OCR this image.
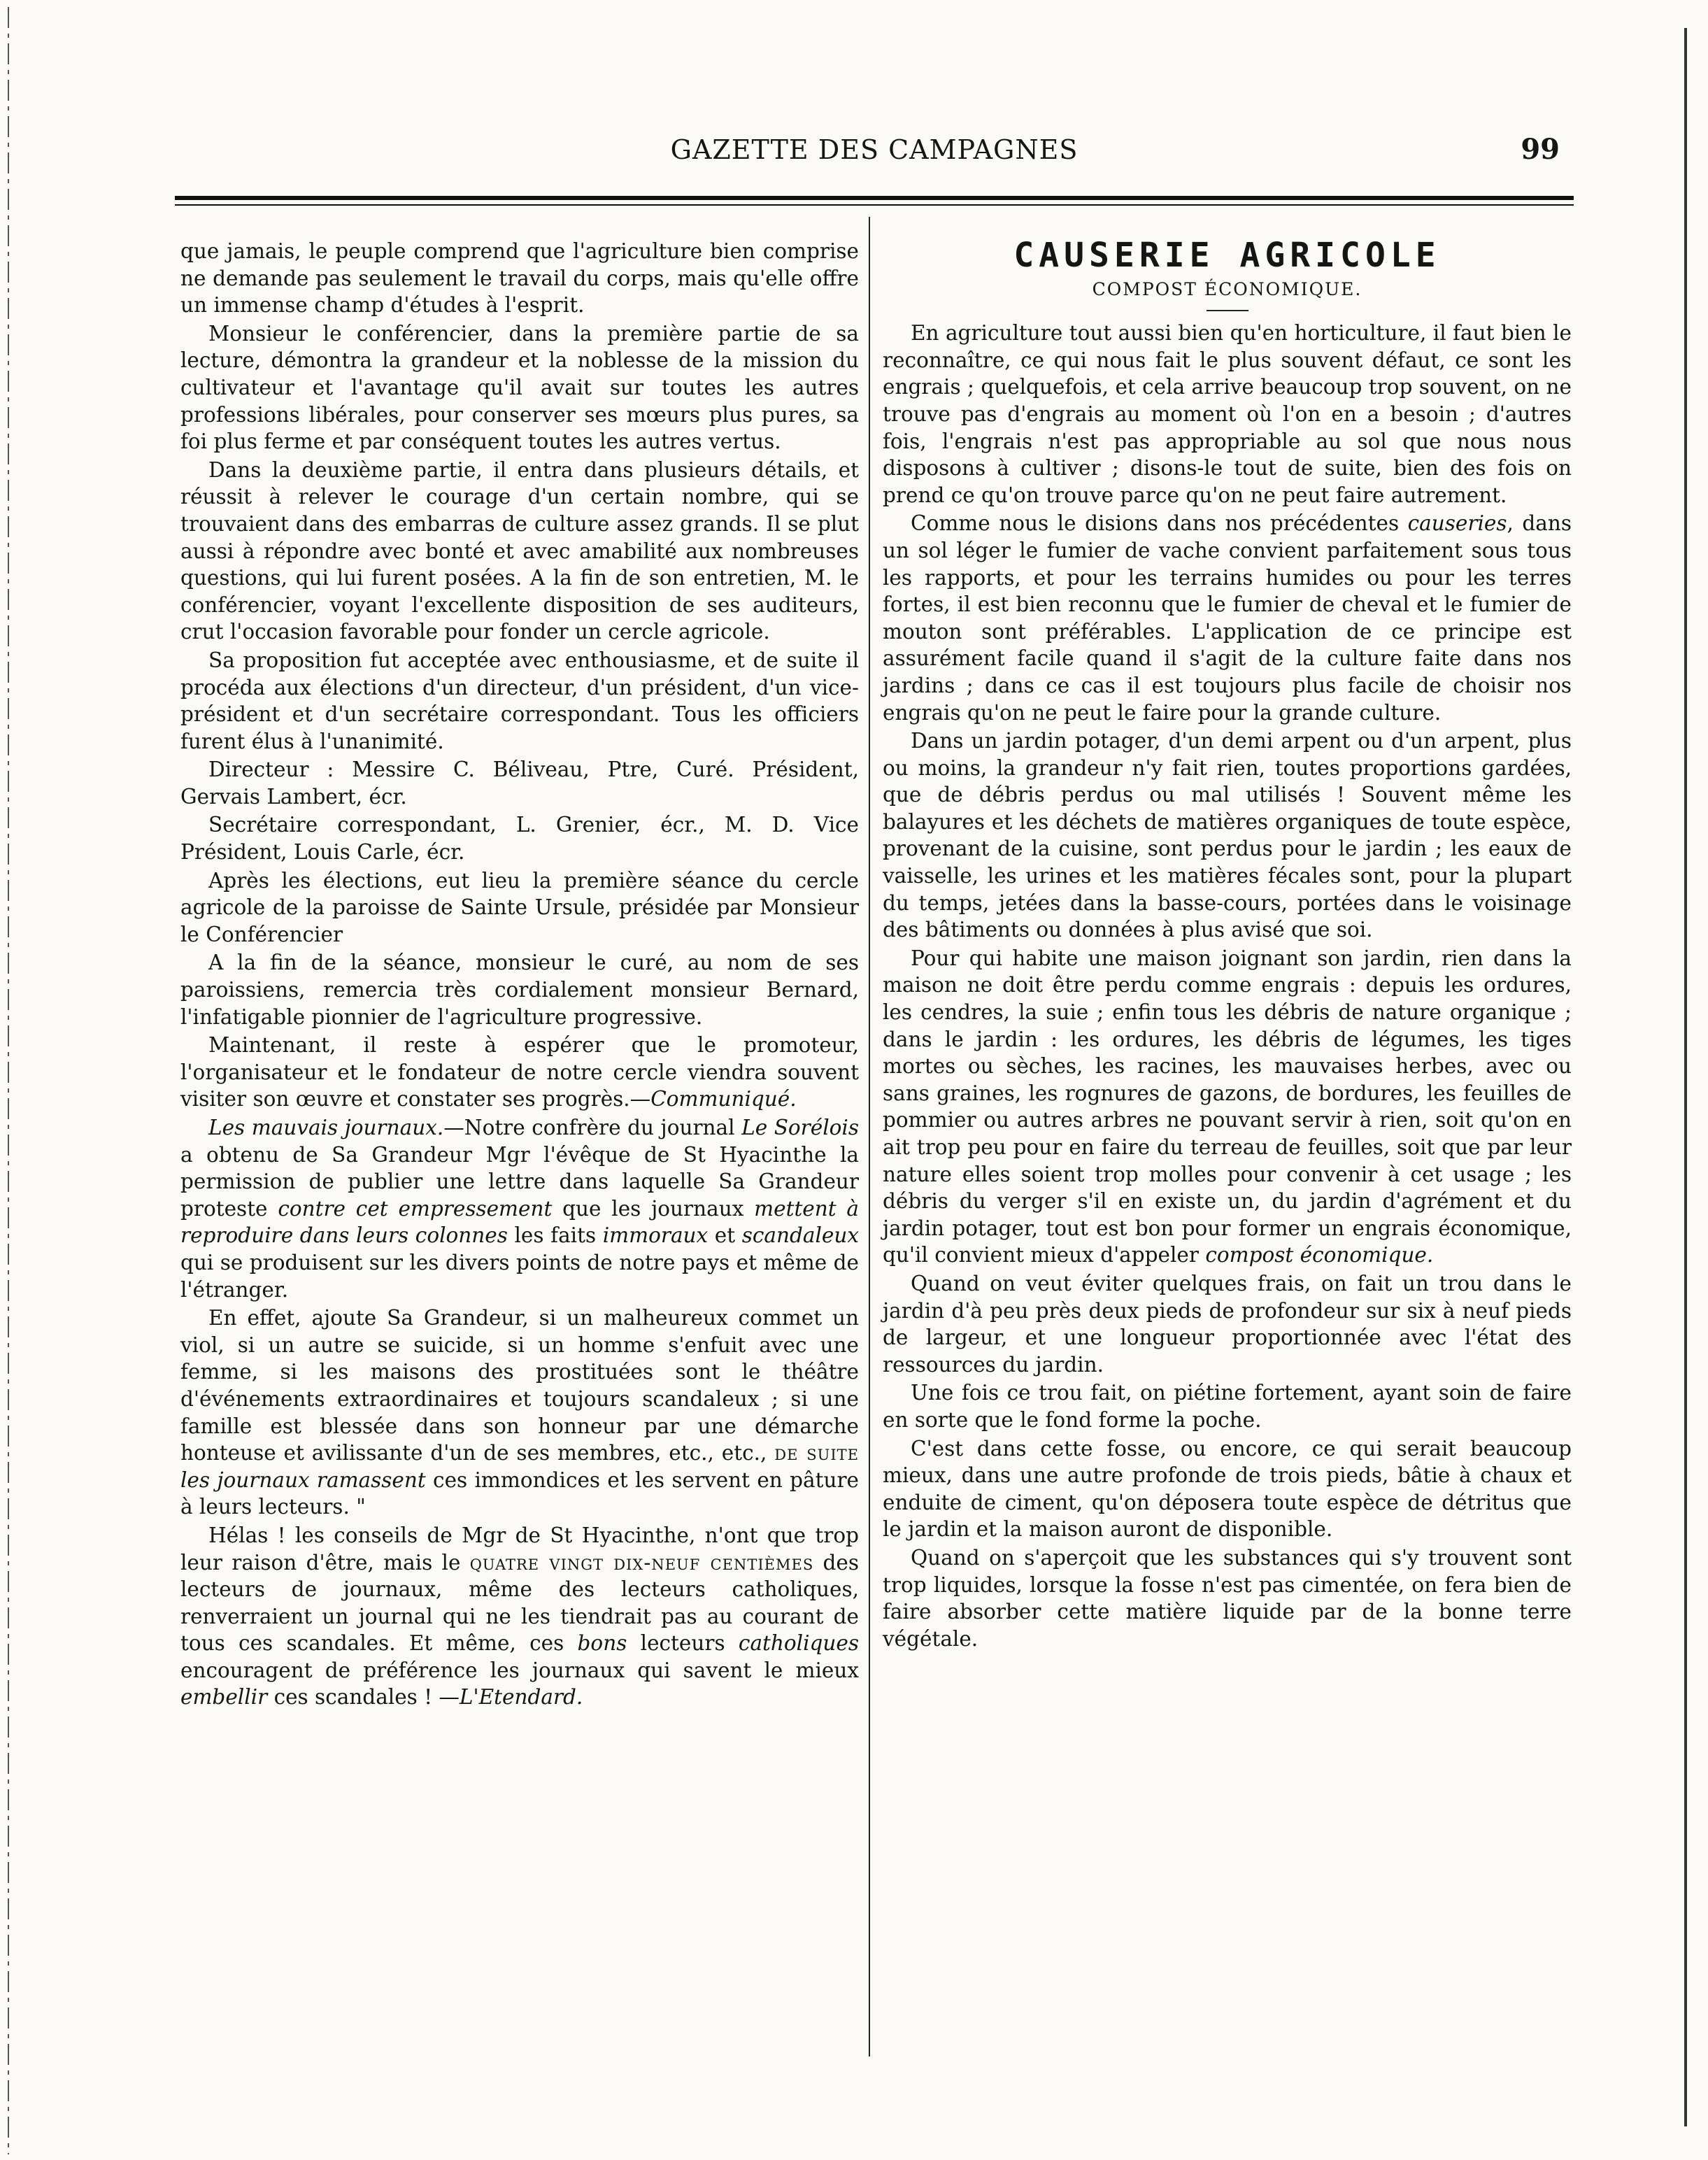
GAZETTE DES CAMPAGNES	99

que jamais, le peuple comprend que l'agriculture bien comprise ne demande pas seulement le travail du corps, mais qu'elle offre un immense champ d'études à l'esprit.

Monsieur le conférencier, dans la première partie de sa lecture, démontra la grandeur et la noblesse de la mission du cultivateur et l'avantage qu'il avait sur toutes les autres professions libérales, pour conserver ses mœurs plus pures, sa foi plus ferme et par conséquent toutes les autres vertus.

Dans la deuxième partie, il entra dans plusieurs détails, et réussit à relever le courage d'un certain nombre, qui se trouvaient dans des embarras de culture assez grands. Il se plut aussi à répondre avec bonté et avec amabilité aux nombreuses questions, qui lui furent posées. A la fin de son entretien, M. le conférencier, voyant l'excellente disposition de ses auditeurs, crut l'occasion favorable pour fonder un cercle agricole.

Sa proposition fut acceptée avec enthousiasme, et de suite il procéda aux élections d'un directeur, d'un président, d'un vice-président et d'un secrétaire correspondant. Tous les officiers furent élus à l'unanimité.

Directeur : Messire C. Béliveau, Ptre, Curé. Président, Gervais Lambert, écr.

Secrétaire correspondant, L. Grenier, écr., M. D. Vice Président, Louis Carle, écr.

Après les élections, eut lieu la première séance du cercle agricole de la paroisse de Sainte Ursule, présidée par Monsieur le Conférencier

A la fin de la séance, monsieur le curé, au nom de ses paroissiens, remercia très cordialement monsieur Bernard, l'infatigable pionnier de l'agriculture progressive.

Maintenant, il reste à espérer que le promoteur, l'organisateur et le fondateur de notre cercle viendra souvent visiter son œuvre et constater ses progrès.—Communiqué.

Les mauvais journaux.—Notre confrère du journal Le Sorélois a obtenu de Sa Grandeur Mgr l'évêque de St Hyacinthe la permission de publier une lettre dans laquelle Sa Grandeur proteste contre cet empressement que les journaux mettent à reproduire dans leurs colonnes les faits immoraux et scandaleux qui se produisent sur les divers points de notre pays et même de l'étranger.

En effet, ajoute Sa Grandeur, si un malheureux commet un viol, si un autre se suicide, si un homme s'enfuit avec une femme, si les maisons des prostituées sont le théâtre d'événements extraordinaires et toujours scandaleux ; si une famille est blessée dans son honneur par une démarche honteuse et avilissante d'un de ses membres, etc., etc., de suite les journaux ramassent ces immondices et les servent en pâture à leurs lecteurs. "

Hélas ! les conseils de Mgr de St Hyacinthe, n'ont que trop leur raison d'être, mais le quatre vingt dix-neuf centièmes des lecteurs de journaux, même des lecteurs catholiques, renverraient un journal qui ne les tiendrait pas au courant de tous ces scandales. Et même, ces bons lecteurs catholiques encouragent de préférence les journaux qui savent le mieux embellir ces scandales ! —L'Etendard.

CAUSERIE AGRICOLE
COMPOST ÉCONOMIQUE.

En agriculture tout aussi bien qu'en horticulture, il faut bien le reconnaître, ce qui nous fait le plus souvent défaut, ce sont les engrais ; quelquefois, et cela arrive beaucoup trop souvent, on ne trouve pas d'engrais au moment où l'on en a besoin ; d'autres fois, l'engrais n'est pas appropriable au sol que nous nous disposons à cultiver ; disons-le tout de suite, bien des fois on prend ce qu'on trouve parce qu'on ne peut faire autrement.

Comme nous le disions dans nos précédentes causeries, dans un sol léger le fumier de vache convient parfaitement sous tous les rapports, et pour les terrains humides ou pour les terres fortes, il est bien reconnu que le fumier de cheval et le fumier de mouton sont préférables. L'application de ce principe est assurément facile quand il s'agit de la culture faite dans nos jardins ; dans ce cas il est toujours plus facile de choisir nos engrais qu'on ne peut le faire pour la grande culture.

Dans un jardin potager, d'un demi arpent ou d'un arpent, plus ou moins, la grandeur n'y fait rien, toutes proportions gardées, que de débris perdus ou mal utilisés ! Souvent même les balayures et les déchets de matières organiques de toute espèce, provenant de la cuisine, sont perdus pour le jardin ; les eaux de vaisselle, les urines et les matières fécales sont, pour la plupart du temps, jetées dans la basse-cours, portées dans le voisinage des bâtiments ou données à plus avisé que soi.

Pour qui habite une maison joignant son jardin, rien dans la maison ne doit être perdu comme engrais : depuis les ordures, les cendres, la suie ; enfin tous les débris de nature organique ; dans le jardin : les ordures, les débris de légumes, les tiges mortes ou sèches, les racines, les mauvaises herbes, avec ou sans graines, les rognures de gazons, de bordures, les feuilles de pommier ou autres arbres ne pouvant servir à rien, soit qu'on en ait trop peu pour en faire du terreau de feuilles, soit que par leur nature elles soient trop molles pour convenir à cet usage ; les débris du verger s'il en existe un, du jardin d'agrément et du jardin potager, tout est bon pour former un engrais économique, qu'il convient mieux d'appeler compost économique.

Quand on veut éviter quelques frais, on fait un trou dans le jardin d'à peu près deux pieds de profondeur sur six à neuf pieds de largeur, et une longueur proportionnée avec l'état des ressources du jardin.

Une fois ce trou fait, on piétine fortement, ayant soin de faire en sorte que le fond forme la poche.

C'est dans cette fosse, ou encore, ce qui serait beaucoup mieux, dans une autre profonde de trois pieds, bâtie à chaux et enduite de ciment, qu'on déposera toute espèce de détritus que le jardin et la maison auront de disponible.

Quand on s'aperçoit que les substances qui s'y trouvent sont trop liquides, lorsque la fosse n'est pas cimentée, on fera bien de faire absorber cette matière liquide par de la bonne terre végétale.
